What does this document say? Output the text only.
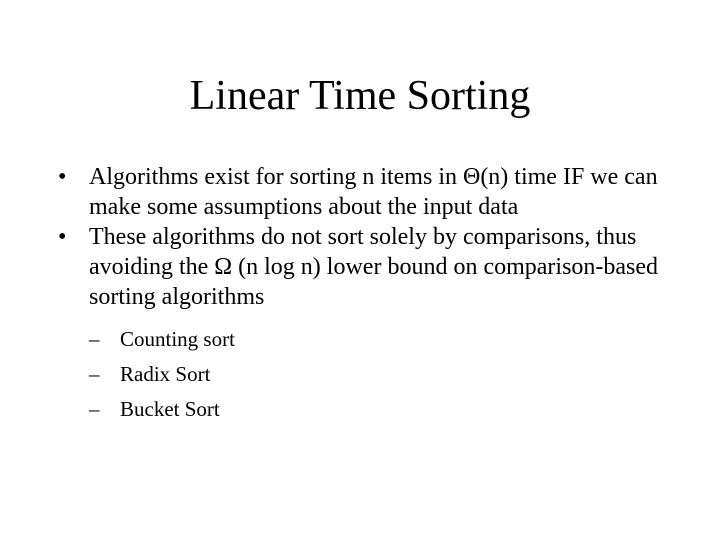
Linear Time Sorting
• Algorithms exist for sorting n items in Θ(n) time IF we can make some assumptions about the input data
• These algorithms do not sort solely by comparisons, thus avoiding the Ω (n log n) lower bound on comparison-based sorting algorithms
– Counting sort
– Radix Sort
– Bucket Sort
